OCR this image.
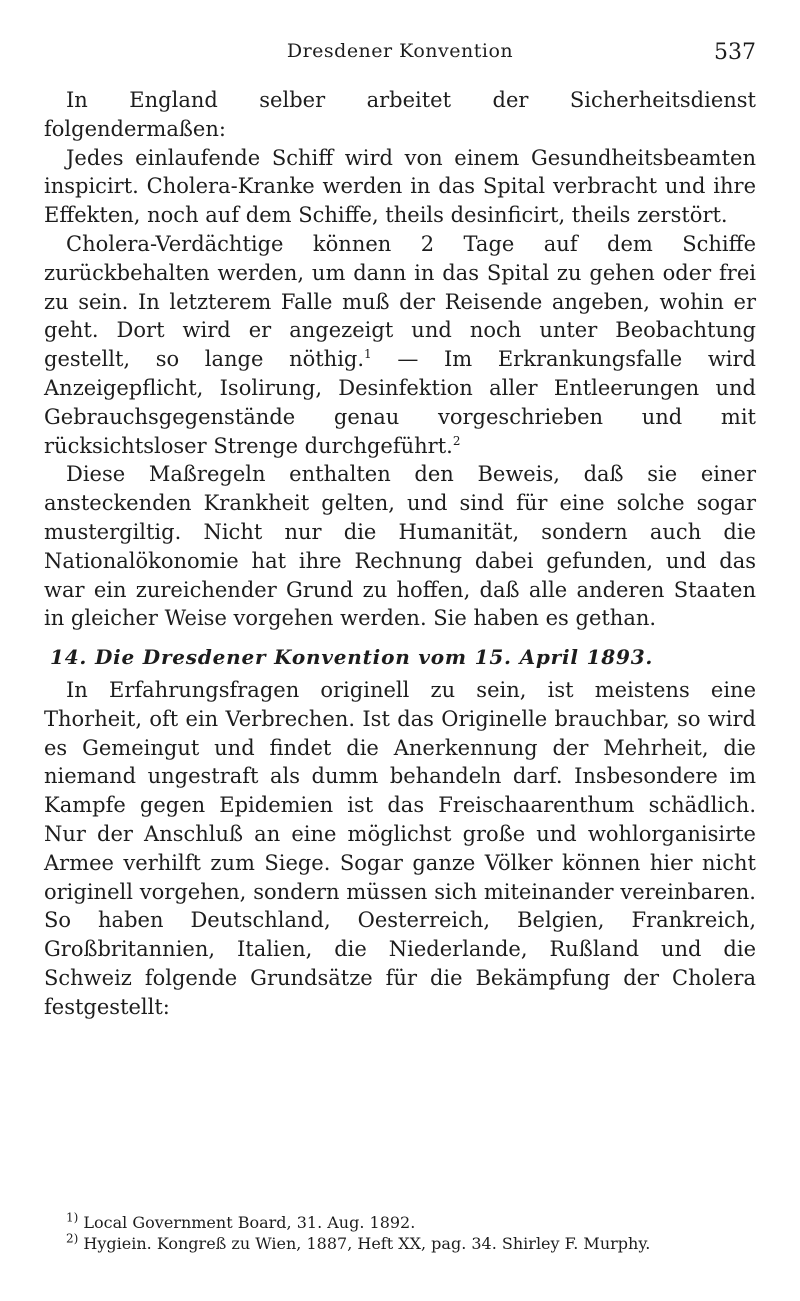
Dresdener Konvention	537

In England selber arbeitet der Sicherheitsdienst folgendermaßen:

Jedes einlaufende Schiff wird von einem Gesundheitsbeamten inspicirt. Cholera-Kranke werden in das Spital verbracht und ihre Effekten, noch auf dem Schiffe, theils desinficirt, theils zerstört.

Cholera-Verdächtige können 2 Tage auf dem Schiffe zurückbehalten werden, um dann in das Spital zu gehen oder frei zu sein. In letzterem Falle muß der Reisende angeben, wohin er geht. Dort wird er angezeigt und noch unter Beobachtung gestellt, so lange nöthig.$^1$ — Im Erkrankungsfalle wird Anzeigepflicht, Isolirung, Desinfektion aller Entleerungen und Gebrauchsgegenstände genau vorgeschrieben und mit rücksichtsloser Strenge durchgeführt.$^2$

Diese Maßregeln enthalten den Beweis, daß sie einer ansteckenden Krankheit gelten, und sind für eine solche sogar mustergiltig. Nicht nur die Humanität, sondern auch die Nationalökonomie hat ihre Rechnung dabei gefunden, und das war ein zureichender Grund zu hoffen, daß alle anderen Staaten in gleicher Weise vorgehen werden. Sie haben es gethan.

14. Die Dresdener Konvention vom 15. April 1893.

In Erfahrungsfragen originell zu sein, ist meistens eine Thorheit, oft ein Verbrechen. Ist das Originelle brauchbar, so wird es Gemeingut und findet die Anerkennung der Mehrheit, die niemand ungestraft als dumm behandeln darf. Insbesondere im Kampfe gegen Epidemien ist das Freischaarenthum schädlich. Nur der Anschluß an eine möglichst große und wohlorganisirte Armee verhilft zum Siege. Sogar ganze Völker können hier nicht originell vorgehen, sondern müssen sich miteinander vereinbaren. So haben Deutschland, Oesterreich, Belgien, Frankreich, Großbritannien, Italien, die Niederlande, Rußland und die Schweiz folgende Grundsätze für die Bekämpfung der Cholera festgestellt:

$^{1)}$ Local Government Board, 31. Aug. 1892.

$^{2)}$ Hygiein. Kongreß zu Wien, 1887, Heft XX, pag. 34. Shirley F. Murphy.
